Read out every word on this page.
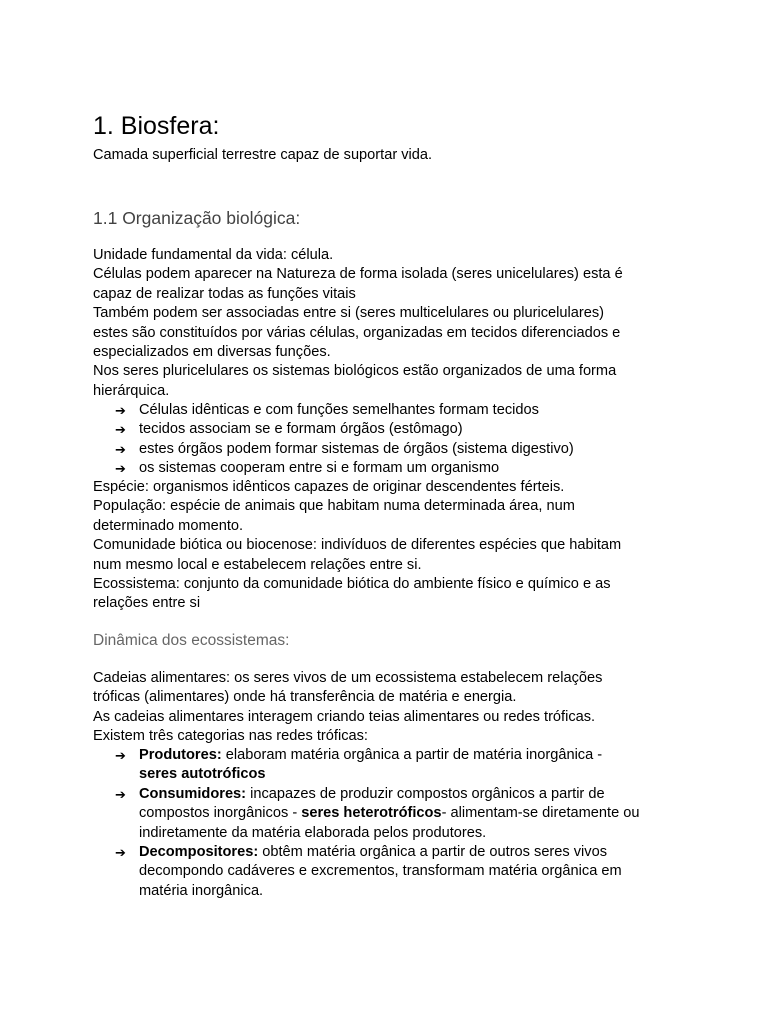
1. Biosfera:

Camada superficial terrestre capaz de suportar vida.

1.1 Organização biológica:

Unidade fundamental da vida: célula.
Células podem aparecer na Natureza de forma isolada (seres unicelulares) esta é
capaz de realizar todas as funções vitais
Também podem ser associadas entre si (seres multicelulares ou pluricelulares)
estes são constituídos por várias células, organizadas em tecidos diferenciados e
especializados em diversas funções.
Nos seres pluricelulares os sistemas biológicos estão organizados de uma forma
hierárquica.

➔ Células idênticas e com funções semelhantes formam tecidos
➔ tecidos associam se e formam órgãos (estômago)
➔ estes órgãos podem formar sistemas de órgãos (sistema digestivo)
➔ os sistemas cooperam entre si e formam um organismo

Espécie: organismos idênticos capazes de originar descendentes férteis.
População: espécie de animais que habitam numa determinada área, num
determinado momento.
Comunidade biótica ou biocenose: indivíduos de diferentes espécies que habitam
num mesmo local e estabelecem relações entre si.
Ecossistema: conjunto da comunidade biótica do ambiente físico e químico e as
relações entre si

Dinâmica dos ecossistemas:

Cadeias alimentares: os seres vivos de um ecossistema estabelecem relações
tróficas (alimentares) onde há transferência de matéria e energia.
As cadeias alimentares interagem criando teias alimentares ou redes tróficas.
Existem três categorias nas redes tróficas:

➔ Produtores: elaboram matéria orgânica a partir de matéria inorgânica -
seres autotróficos
➔ Consumidores: incapazes de produzir compostos orgânicos a partir de
compostos inorgânicos - seres heterotróficos- alimentam-se diretamente ou
indiretamente da matéria elaborada pelos produtores.
➔ Decompositores: obtêm matéria orgânica a partir de outros seres vivos
decompondo cadáveres e excrementos, transformam matéria orgânica em
matéria inorgânica.
